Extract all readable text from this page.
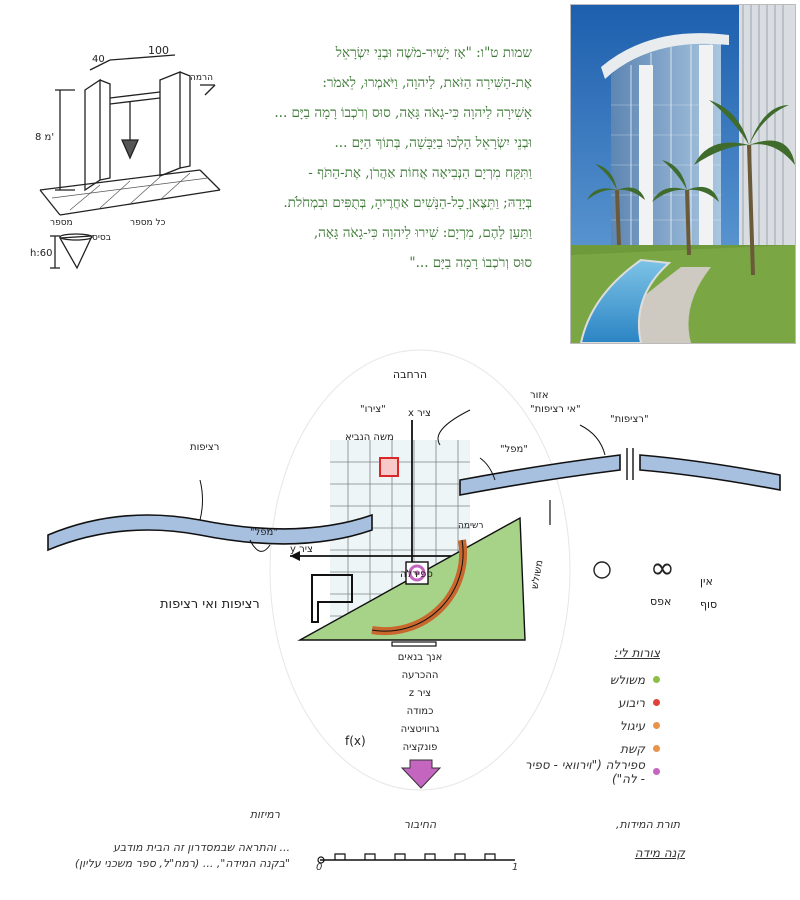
שמות ט"ו: "אָז יָשִׁיר-מֹשֶׁה וּבְנֵי יִשְׂרָאֵל
אֶת-הַשִּׁירָה הַזֹּאת, לַיהוָה, וַיֹּאמְרוּ, לֵאמֹר:
אָשִׁירָה לַיהוָה כִּי-גָאֹה גָּאָה, סוּס וְרֹכְבוֹ רָמָה בַיָּם ...
וּבְנֵי יִשְׂרָאֵל הָלְכוּ בַיַּבָּשָׁה, בְּתוֹךְ הַיָּם ...
וַתִּקַּח מִרְיָם הַנְּבִיאָה אֲחוֹת אַהֲרֹן, אֶת-הַתֹּף -
בְּיָדָהּ; וַתֵּצֶאןָ כָל-הַנָּשִׁים אַחֲרֶיהָ, בְּתֻפִּים וּבִמְחֹלֹת.
וַתַּעַן לָהֶם, מִרְיָם: שִׁירוּ לַיהוָה כִּי-גָאֹה גָּאָה,
סוּס וְרֹכְבוֹ רָמָה בַיָּם ..."
100
40
8 מ'
בסיס
כל מספר
מספר
h:60
הרמה
∞
הרחבה
ציר x
אזור
"אי רציפות"
"צירו"
משה הנביא
"רציפות"
"מפל"
"מפל"
רציפות
ציר y
משולש
ספירלה
רשימה
רציפות ואי רציפות
אין
סוף
אפס
אנך בנאים
ההכרעה
ציר z
כמודה
גרוויטציה
פונקציה
f(x)
צורות לי:
משולש
ריבוע
עיגול
קשת
ספירלה ("וירוואי - ספיר - לה")
רמיזות
החיבור	תורת המידות,
קנה מידה
0	1
... והתראה שבמסדרון זה הבית מודבע
"בקנה המידה", ... (רמח"ל, ספר משכני עליון)
